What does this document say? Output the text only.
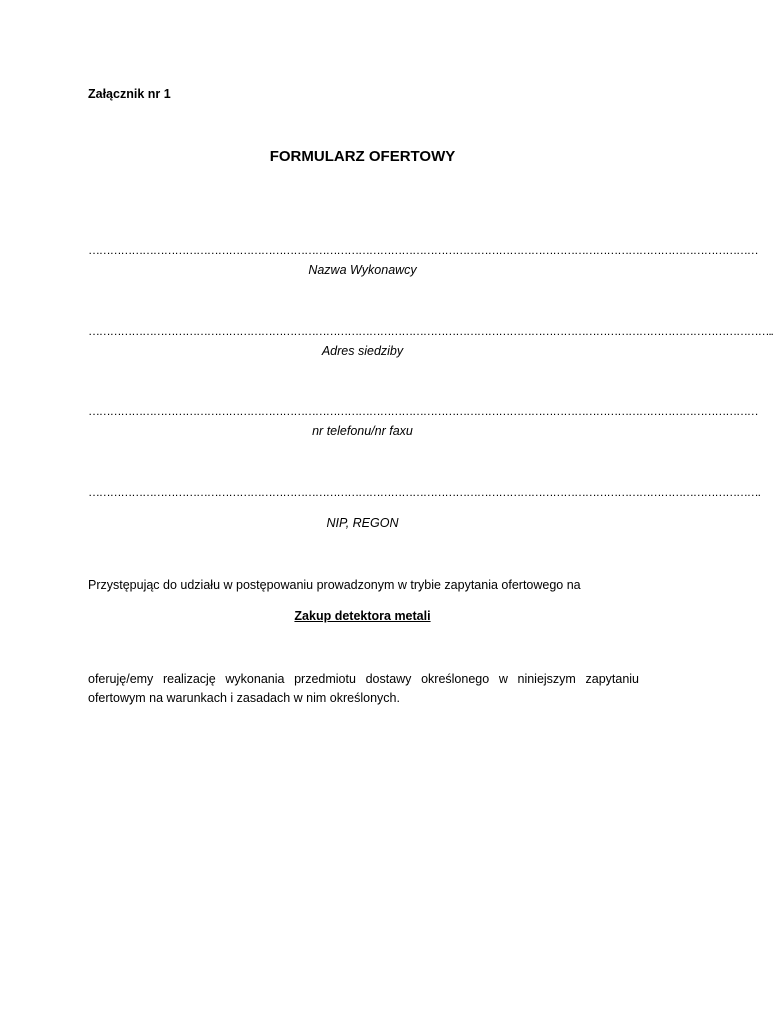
Załącznik nr 1
FORMULARZ OFERTOWY
……………………………………………………………………………………………………………………………………………………………………
Nazwa Wykonawcy
………………………………………………………………………………………………………………………………………………………………………..
Adres siedziby
……………………………………………………………………………………………………………………………………………………………………
nr telefonu/nr faxu
…………………………………………………………………………………………………………………………………………………………………….
NIP, REGON
Przystępując do udziału w postępowaniu prowadzonym w trybie zapytania ofertowego na
Zakup detektora metali
oferuję/emy realizację wykonania przedmiotu dostawy określonego w niniejszym zapytaniu ofertowym na warunkach i zasadach w nim określonych.
